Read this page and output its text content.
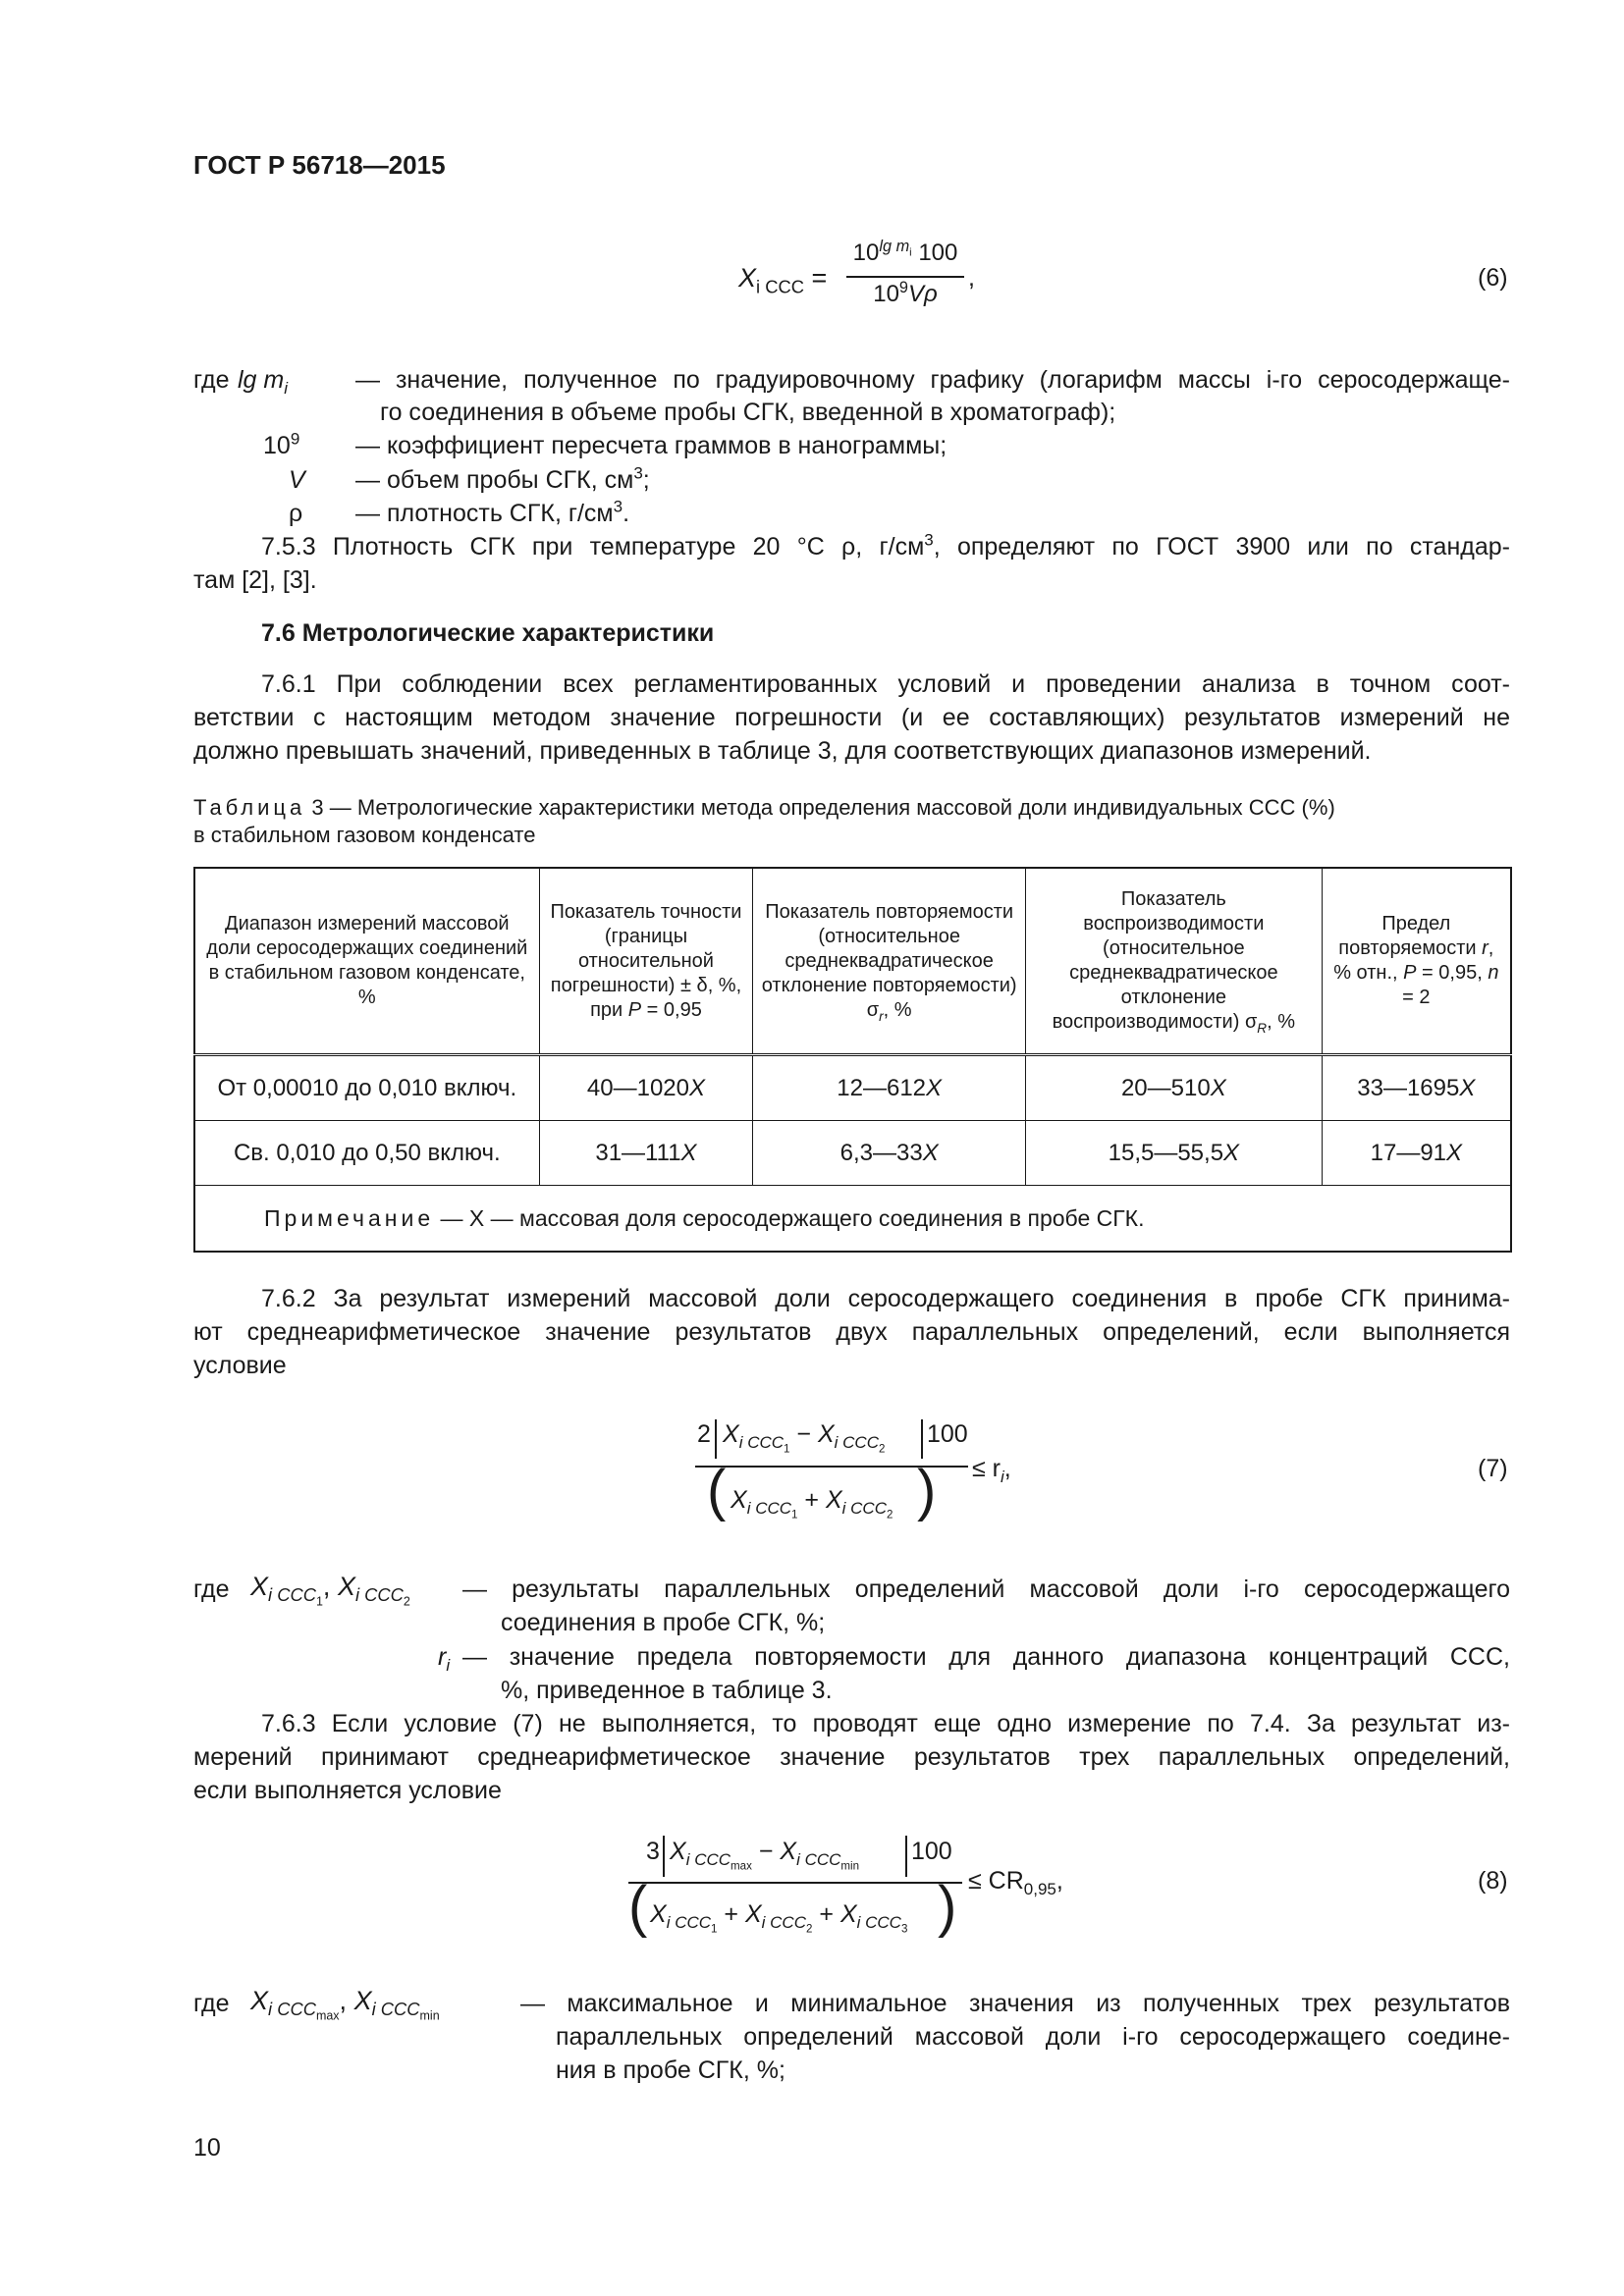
ГОСТ Р 56718—2015
$X_{i ССС}$ =
$10^{lg m_i}$ 100
$10^9V\rho$
,	(6)
где $\lg m_i$	— значение, полученное по градуировочному графику (логарифм массы i-го серосодержаще-
го соединения в объеме пробы СГК, введенной в хроматограф);
$10^9$ — коэффициент пересчета граммов в нанограммы;
V — объем пробы СГК, $см^3$;
ρ — плотность СГК, $г/см^3$.
7.5.3 Плотность СГК при температуре 20 °С ρ, $г/см^3$, определяют по ГОСТ 3900 или по стандар-
там [2], [3].
7.6 Метрологические характеристики
7.6.1 При соблюдении всех регламентированных условий и проведении анализа в точном соот-
ветствии с настоящим методом значение погрешности (и ее составляющих) результатов измерений не
должно превышать значений, приведенных в таблице 3, для соответствующих диапазонов измерений.
Таблица 3 — Метрологические характеристики метода определения массовой доли индивидуальных ССС (%)
в стабильном газовом конденсате
Диапазон измерений массовой доли серосодержащих соединений в стабильном газовом конденсате, %	Показатель точности (границы относительной погрешности) ± δ, %, при P = 0,95	Показатель повторяемости (относительное среднеквадратическое отклонение повторяемости) $\sigma_r$, %	Показатель воспроизводимости (относительное среднеквадратическое отклонение воспроизводимости) $\sigma_R$, %	Предел повторяемости r, % отн., P = 0,95, n = 2
От 0,00010 до 0,010 включ.	40—1020X	12—612X	20—510X	33—1695X
Св. 0,010 до 0,50 включ.	31—111X	6,3—33X	15,5—55,5X	17—91X
Примечание — X — массовая доля серосодержащего соединения в пробе СГК.				
7.6.2 За результат измерений массовой доли серосодержащего соединения в пробе СГК принима-
ют среднеарифметическое значение результатов двух параллельных определений, если выполняется
условие
2 $X_{i ССС_1} - X_{i ССС_2}$
100
( $X_{i ССС_1} + X_{i ССС_2}$ ) ≤ $r_i$,	(7)
где $X_{i ССС_1}$, $X_{i ССС_2}$ — результаты параллельных определений массовой доли i-го серосодержащего
соединения в пробе СГК, %;
$r_i$ — значение предела повторяемости для данного диапазона концентраций ССС,
%, приведенное в таблице 3.
7.6.3 Если условие (7) не выполняется, то проводят еще одно измерение по 7.4. За результат из-
мерений принимают среднеарифметическое значение результатов трех параллельных определений,
если выполняется условие
3 $X_{i ССС_{max}} - X_{i ССС_{min}}$
100
( $X_{i ССС_1} + X_{i ССС_2} + X_{i ССС_3}$ ) ≤ $CR_{0,95}$,	(8)
где $X_{i ССС_{max}}$, $X_{i ССС_{min}}$	— максимальное и минимальное значения из полученных трех результатов
параллельных определений массовой доли i-го серосодержащего соедине-
ния в пробе СГК, %;
10
